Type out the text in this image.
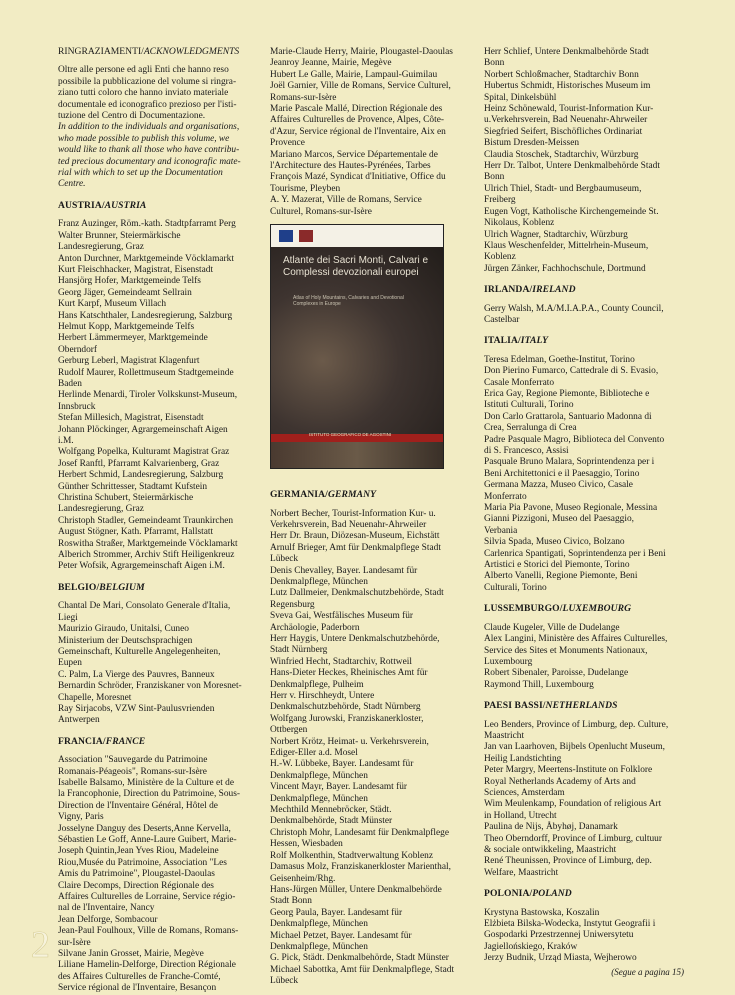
RINGRAZIAMENTI/ACKNOWLEDGMENTS
Oltre alle persone ed agli Enti che hanno reso
possibile la pubblicazione del volume si ringra-
ziano tutti coloro che hanno inviato materiale
documentale ed iconografico prezioso per l'isti-
tuzione del Centro di Documentazione.
In addition to the individuals and organisations,
who made possible to publish this volume, we
would like to thank all those who have contribu-
ted precious documentary and iconografic mate-
rial with which to set up the Documentation
Centre.
AUSTRIA/AUSTRIA
Franz Auzinger, Röm.-kath. Stadtpfarramt Perg
Walter Brunner, Steiermärkische
Landesregierung, Graz
Anton Durchner, Marktgemeinde Vöcklamarkt
Kurt Fleischhacker, Magistrat, Eisenstadt
Hansjörg Hofer, Marktgemeinde Telfs
Georg Jäger, Gemeindeamt Sellrain
Kurt Karpf, Museum Villach
Hans Katschthaler, Landesregierung, Salzburg
Helmut Kopp, Marktgemeinde Telfs
Herbert Lämmermeyer, Marktgemeinde
Oberndorf
Gerburg Leberl, Magistrat Klagenfurt
Rudolf Maurer, Rollettmuseum Stadtgemeinde
Baden
Herlinde Menardi, Tiroler Volkskunst-Museum,
Innsbruck
Stefan Millesich, Magistrat, Eisenstadt
Johann Plöckinger, Agrargemeinschaft Aigen
i.M.
Wolfgang Popelka, Kulturamt Magistrat Graz
Josef Ranftl, Pfarramt Kalvarienberg, Graz
Herbert Schmid, Landesregierung, Salzburg
Günther Schrittesser, Stadtamt Kufstein
Christina Schubert, Steiermärkische
Landesregierung, Graz
Christoph Stadler, Gemeindeamt Traunkirchen
August Stögner, Kath. Pfarramt, Hallstatt
Roswitha Straßer, Marktgemeinde Vöcklamarkt
Alberich Strommer, Archiv Stift Heiligenkreuz
Peter Wofsik, Agrargemeinschaft Aigen i.M.
BELGIO/BELGIUM
Chantal De Mari, Consolato Generale d'Italia,
Liegi
Maurizio Giraudo, Unitalsi, Cuneo
Ministerium der Deutschsprachigen
Gemeinschaft, Kulturelle Angelegenheiten,
Eupen
C. Palm, La Vierge des Pauvres, Banneux
Bernardin Schröder, Franziskaner von Moresnet-
Chapelle, Moresnet
Ray Sirjacobs, VZW Sint-Paulusvrienden
Antwerpen
FRANCIA/FRANCE
Association "Sauvegarde du Patrimoine
Romanais-Péageois", Romans-sur-Isère
Isabelle Balsamo, Ministère de la Culture et de
la Francophonie, Direction du Patrimoine, Sous-
Direction de l'Inventaire Général, Hôtel de
Vigny, Paris
Josselyne Danguy des Deserts,Anne Kervella,
Sébastien Le Goff, Anne-Laure Guibert, Marie-
Joseph Quintin,Jean Yves Riou, Madeleine
Riou,Musée du Patrimoine, Association "Les
Amis du Patrimoine", Plougastel-Daoulas
Claire Decomps, Direction Régionale des
Affaires Culturelles de Lorraine, Service régio-
nal de l'Inventaire, Nancy
Jean Delforge, Sombacour
Jean-Paul Foulhoux, Ville de Romans, Romans-
sur-Isère
Silvane Janin Grosset, Mairie, Megève
Liliane Hamelin-Delforge, Direction Régionale
des Affaires Culturelles de Franche-Comté,
Service régional de l'Inventaire, Besançon
Marie-Claude Herry, Mairie, Plougastel-Daoulas
Jeanroy Jeanne, Mairie, Megève
Hubert Le Galle, Mairie, Lampaul-Guimilau
Joël Garnier, Ville de Romans, Service Culturel,
Romans-sur-Isère
Marie Pascale Mallé, Direction Régionale des
Affaires Culturelles de Provence, Alpes, Côte-
d'Azur, Service régional de l'Inventaire, Aix en
Provence
Mariano Marcos, Service Départementale de
l'Architecture des Hautes-Pyrénées, Tarbes
François Mazé, Syndicat d'Initiative, Office du
Tourisme, Pleyben
A. Y. Mazerat, Ville de Romans, Service
Culturel, Romans-sur-Isère
Atlante dei Sacri Monti, Calvari e Complessi devozionali europei
Atlas of Holy Mountains, Calvaries and Devotional Complexes in Europe
ISTITUTO GEOGRAFICO DE AGOSTINI
GERMANIA/GERMANY
Norbert Becher, Tourist-Information Kur- u.
Verkehrsverein, Bad Neuenahr-Ahrweiler
Herr Dr. Braun, Diözesan-Museum, Eichstätt
Arnulf Brieger, Amt für Denkmalpflege Stadt
Lübeck
Denis Chevalley, Bayer. Landesamt für
Denkmalpflege, München
Lutz Dallmeier, Denkmalschutzbehörde, Stadt
Regensburg
Sveva Gai, Westfälisches Museum für
Archäologie, Paderborn
Herr Haygis, Untere Denkmalschutzbehörde,
Stadt Nürnberg
Winfried Hecht, Stadtarchiv, Rottweil
Hans-Dieter Heckes, Rheinisches Amt für
Denkmalpflege, Pulheim
Herr v. Hirschheydt, Untere
Denkmalschutzbehörde, Stadt Nürnberg
Wolfgang Jurowski, Franziskanerkloster,
Ottbergen
Norbert Krötz, Heimat- u. Verkehrsverein,
Ediger-Eller a.d. Mosel
H.-W. Lübbeke, Bayer. Landesamt für
Denkmalpflege, München
Vincent Mayr, Bayer. Landesamt für
Denkmalpflege, München
Mechthild Mennebröcker, Städt.
Denkmalbehörde, Stadt Münster
Christoph Mohr, Landesamt für Denkmalpflege
Hessen, Wiesbaden
Rolf Molkenthin, Stadtverwaltung Koblenz
Damasus Molz, Franziskanerkloster Marienthal,
Geisenheim/Rhg.
Hans-Jürgen Müller, Untere Denkmalbehörde
Stadt Bonn
Georg Paula, Bayer. Landesamt für
Denkmalpflege, München
Michael Petzet, Bayer. Landesamt für
Denkmalpflege, München
G. Pick, Städt. Denkmalbehörde, Stadt Münster
Michael Sabottka, Amt für Denkmalpflege, Stadt
Lübeck
Herr Schlief, Untere Denkmalbehörde Stadt
Bonn
Norbert Schloßmacher, Stadtarchiv Bonn
Hubertus Schmidt, Historisches Museum im
Spital, Dinkelsbühl
Heinz Schönewald, Tourist-Information Kur-
u.Verkehrsverein, Bad Neuenahr-Ahrweiler
Siegfried Seifert, Bischöfliches Ordinariat
Bistum Dresden-Meissen
Claudia Stoschek, Stadtarchiv, Würzburg
Herr Dr. Talbot, Untere Denkmalbehörde Stadt
Bonn
Ulrich Thiel, Stadt- und Bergbaumuseum,
Freiberg
Eugen Vogt, Katholische Kirchengemeinde St.
Nikolaus, Koblenz
Ulrich Wagner, Stadtarchiv, Würzburg
Klaus Weschenfelder, Mittelrhein-Museum,
Koblenz
Jürgen Zänker, Fachhochschule, Dortmund
IRLANDA/IRELAND
Gerry Walsh, M.A/M.I.A.P.A., County Council,
Castelbar
ITALIA/ITALY
Teresa Edelman, Goethe-Institut, Torino
Don Pierino Fumarco, Cattedrale di S. Evasio,
Casale Monferrato
Erica Gay, Regione Piemonte, Biblioteche e
Istituti Culturali, Torino
Don Carlo Grattarola, Santuario Madonna di
Crea, Serralunga di Crea
Padre Pasquale Magro, Biblioteca del Convento
di S. Francesco, Assisi
Pasquale Bruno Malara, Soprintendenza per i
Beni Architettonici e il Paesaggio, Torino
Germana Mazza, Museo Civico, Casale
Monferrato
Maria Pia Pavone, Museo Regionale, Messina
Gianni Pizzigoni, Museo del Paesaggio,
Verbania
Silvia Spada, Museo Civico, Bolzano
Carlenrica Spantigati, Soprintendenza per i Beni
Artistici e Storici del Piemonte, Torino
Alberto Vanelli, Regione Piemonte, Beni
Culturali, Torino
LUSSEMBURGO/LUXEMBOURG
Claude Kugeler, Ville de Dudelange
Alex Langini, Ministère des Affaires Culturelles,
Service des Sites et Monuments Nationaux,
Luxembourg
Robert Sibenaler, Paroisse, Dudelange
Raymond Thill, Luxembourg
PAESI BASSI/NETHERLANDS
Leo Benders, Province of Limburg, dep. Culture,
Maastricht
Jan van Laarhoven, Bijbels Openlucht Museum,
Heilig Landstichting
Peter Margry, Meertens-Institute on Folklore
Royal Netherlands Academy of Arts and
Sciences, Amsterdam
Wim Meulenkamp, Foundation of religious Art
in Holland, Utrecht
Paulina de Nijs, Åbyhøj, Danamark
Theo Oberndorff, Province of Limburg, cultuur
& sociale ontwikkeling, Maastricht
René Theunissen, Province of Limburg, dep.
Welfare, Maastricht
POLONIA/POLAND
Krystyna Bastowska, Koszalin
Elżbieta Bilska-Wodecka, Instytut Geografii i
Gospodarki Przestrzennej Uniwersytetu
Jagiellońskiego, Kraków
Jerzy Budnik, Urząd Miasta, Wejherowo
(Segue a pagina 15)
2
